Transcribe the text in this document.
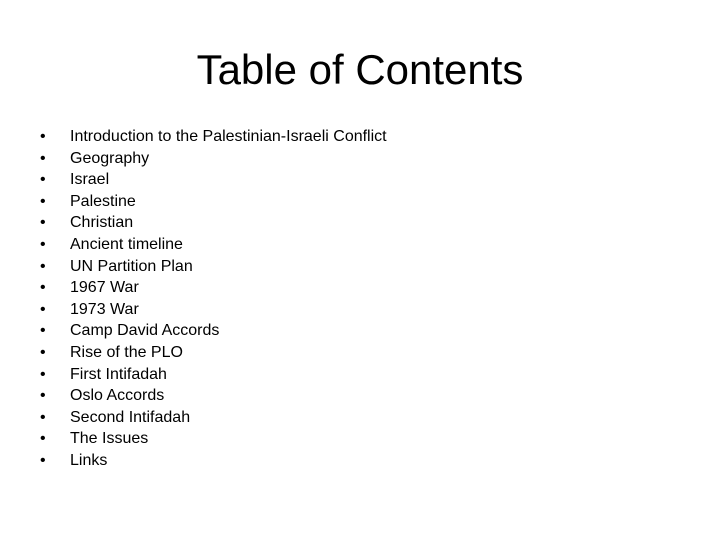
Table of Contents
•	Introduction to the Palestinian-Israeli Conflict
•	Geography
•	Israel
•	Palestine
•	Christian
•	Ancient timeline
•	UN Partition Plan
•	1967 War
•	1973 War
•	Camp David Accords
•	Rise of the PLO
•	First Intifadah
•	Oslo Accords
•	Second Intifadah
•	The Issues
•	Links
